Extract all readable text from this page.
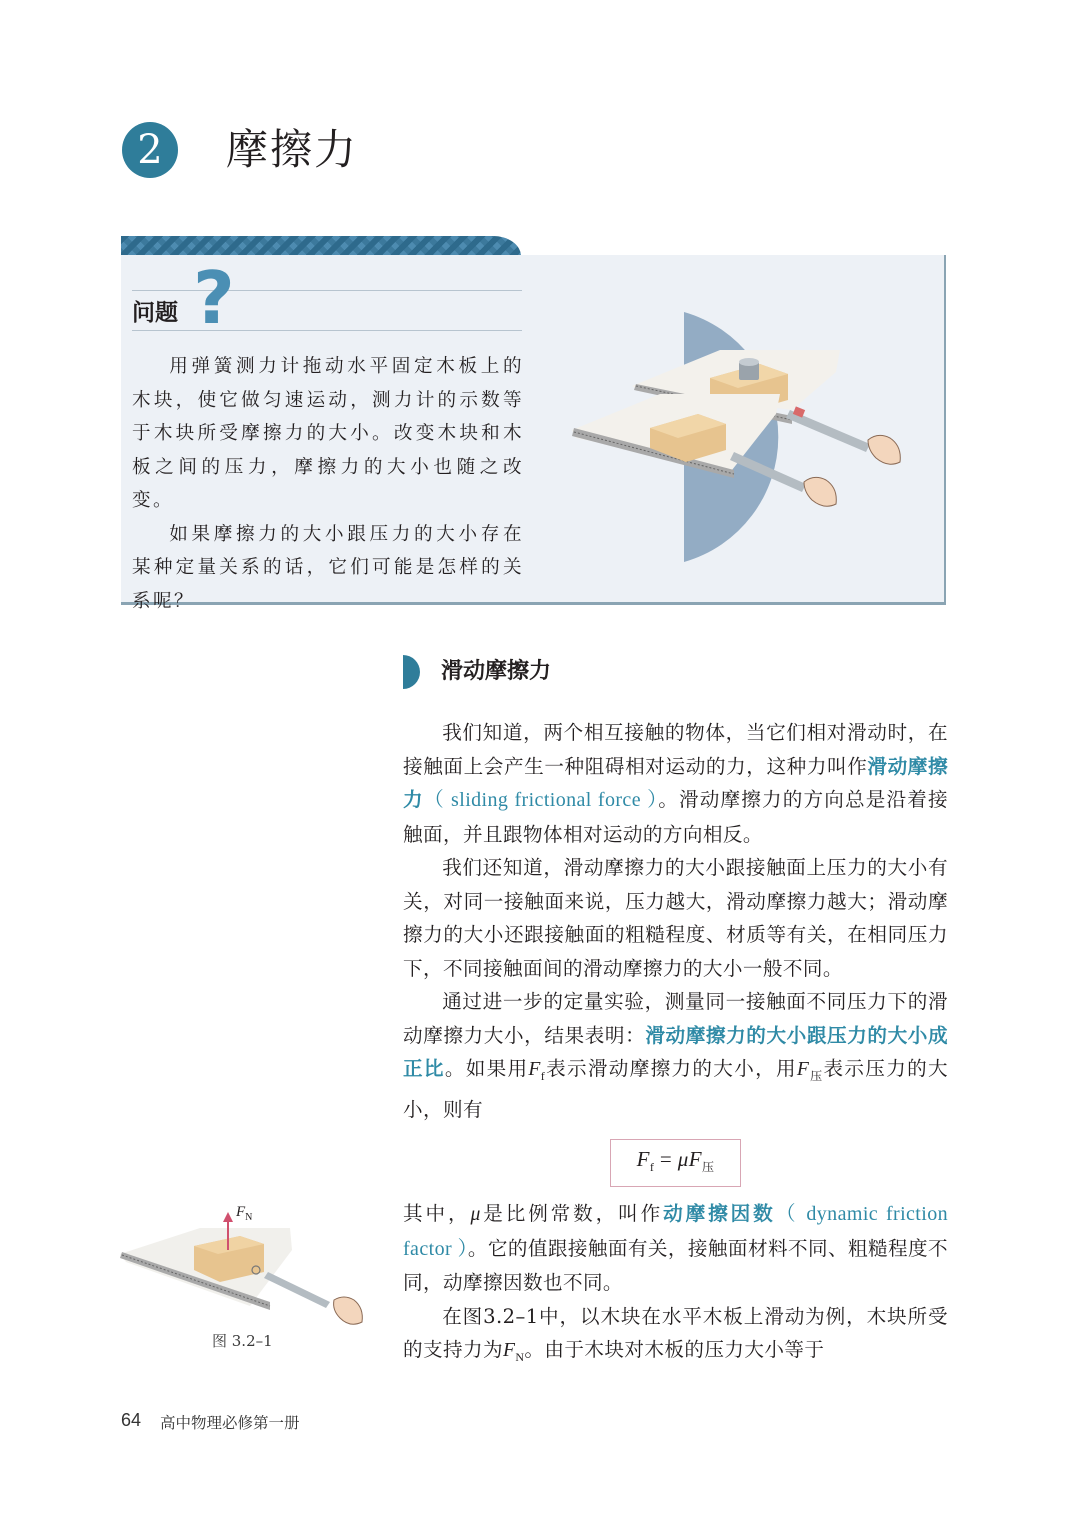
2	摩擦力
问题 ?

用弹簧测力计拖动水平固定木板上的木块，使它做匀速运动，测力计的示数等于木块所受摩擦力的大小。改变木块和木板之间的压力，摩擦力的大小也随之改变。

如果摩擦力的大小跟压力的大小存在某种定量关系的话，它们可能是怎样的关系呢？

滑动摩擦力

我们知道，两个相互接触的物体，当它们相对滑动时，在接触面上会产生一种阻碍相对运动的力，这种力叫作滑动摩擦力（ sliding frictional force ）。滑动摩擦力的方向总是沿着接触面，并且跟物体相对运动的方向相反。

我们还知道，滑动摩擦力的大小跟接触面上压力的大小有关，对同一接触面来说，压力越大，滑动摩擦力越大；滑动摩擦力的大小还跟接触面的粗糙程度、材质等有关，在相同压力下，不同接触面间的滑动摩擦力的大小一般不同。

通过进一步的定量实验，测量同一接触面不同压力下的滑动摩擦力大小，结果表明：滑动摩擦力的大小跟压力的大小成正比。如果用$F_f$表示滑动摩擦力的大小，用$F_压$表示压力的大小，则有

$F_f = \mu F_压$

其中，μ是比例常数，叫作动摩擦因数（ dynamic friction factor ）。它的值跟接触面有关，接触面材料不同、粗糙程度不同，动摩擦因数也不同。

在图3.2–1中，以木块在水平木板上滑动为例，木块所受的支持力为$F_N$。由于木块对木板的压力大小等于

$F_N$
图 3.2–1
64 高中物理必修第一册
